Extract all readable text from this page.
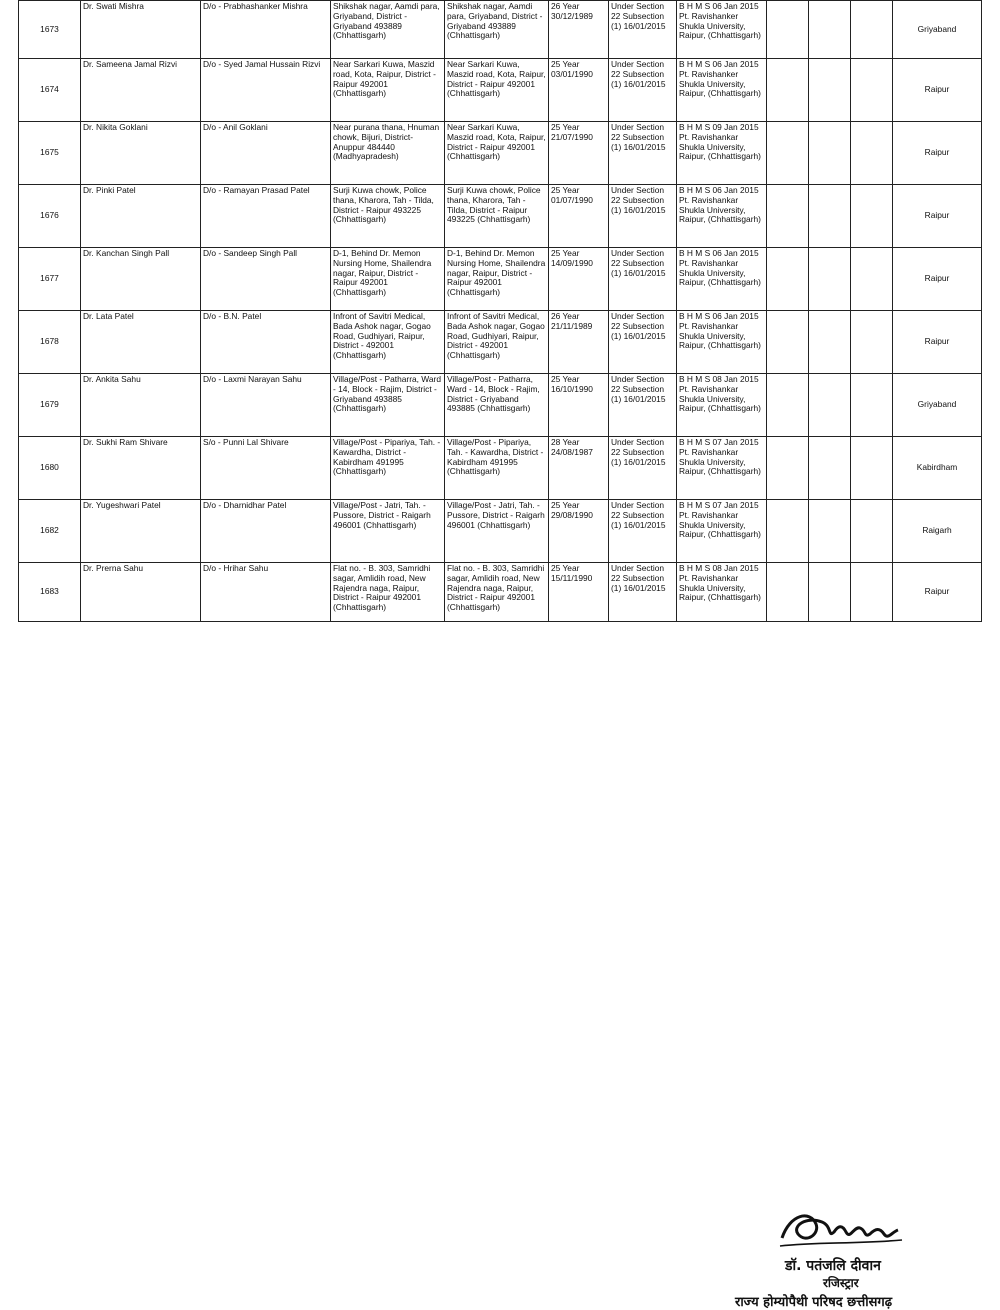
1673	Dr. Swati Mishra	D/o - Prabhashanker Mishra	Shikshak nagar, Aamdi para, Griyaband, District - Griyaband 493889 (Chhattisgarh)	Shikshak nagar, Aamdi para, Griyaband, District - Griyaband 493889 (Chhattisgarh)	26 Year 30/12/1989	Under Section 22 Subsection (1) 16/01/2015	B H M S 06 Jan 2015 Pt. Ravishanker Shukla University, Raipur, (Chhattisgarh)				Griyaband
1674	Dr. Sameena Jamal Rizvi	D/o - Syed Jamal Hussain Rizvi	Near Sarkari Kuwa, Maszid road, Kota, Raipur, District - Raipur 492001 (Chhattisgarh)	Near Sarkari Kuwa, Maszid road, Kota, Raipur, District - Raipur 492001 (Chhattisgarh)	25 Year 03/01/1990	Under Section 22 Subsection (1) 16/01/2015	B H M S 06 Jan 2015 Pt. Ravishanker Shukla University, Raipur, (Chhattisgarh)				Raipur
1675	Dr. Nikita Goklani	D/o - Anil Goklani	Near purana thana, Hnuman chowk, Bijuri, District- Anuppur 484440 (Madhyapradesh)	Near Sarkari Kuwa, Maszid road, Kota, Raipur, District - Raipur 492001 (Chhattisgarh)	25 Year 21/07/1990	Under Section 22 Subsection (1) 16/01/2015	B H M S 09 Jan 2015 Pt. Ravishankar Shukla University, Raipur, (Chhattisgarh)				Raipur
1676	Dr. Pinki Patel	D/o - Ramayan Prasad Patel	Surji Kuwa chowk, Police thana, Kharora, Tah - Tilda, District - Raipur 493225 (Chhattisgarh)	Surji Kuwa chowk, Police thana, Kharora, Tah - Tilda, District - Raipur 493225 (Chhattisgarh)	25 Year 01/07/1990	Under Section 22 Subsection (1) 16/01/2015	B H M S 06 Jan 2015 Pt. Ravishankar Shukla University, Raipur, (Chhattisgarh)				Raipur
1677	Dr. Kanchan Singh Pall	D/o - Sandeep Singh Pall	D-1, Behind Dr. Memon Nursing Home, Shailendra nagar, Raipur, District - Raipur 492001 (Chhattisgarh)	D-1, Behind Dr. Memon Nursing Home, Shailendra nagar, Raipur, District - Raipur 492001 (Chhattisgarh)	25 Year 14/09/1990	Under Section 22 Subsection (1) 16/01/2015	B H M S 06 Jan 2015 Pt. Ravishankar Shukla University, Raipur, (Chhattisgarh)				Raipur
1678	Dr. Lata Patel	D/o - B.N. Patel	Infront of Savitri Medical, Bada Ashok nagar, Gogao Road, Gudhiyari, Raipur, District - 492001 (Chhattisgarh)	Infront of Savitri Medical, Bada Ashok nagar, Gogao Road, Gudhiyari, Raipur, District - 492001 (Chhattisgarh)	26 Year 21/11/1989	Under Section 22 Subsection (1) 16/01/2015	B H M S 06 Jan 2015 Pt. Ravishankar Shukla University, Raipur, (Chhattisgarh)				Raipur
1679	Dr. Ankita Sahu	D/o - Laxmi Narayan Sahu	Village/Post - Patharra, Ward - 14, Block - Rajim, District - Griyaband 493885 (Chhattisgarh)	Village/Post - Patharra, Ward - 14, Block - Rajim, District - Griyaband 493885 (Chhattisgarh)	25 Year 16/10/1990	Under Section 22 Subsection (1) 16/01/2015	B H M S 08 Jan 2015 Pt. Ravishankar Shukla University, Raipur, (Chhattisgarh)				Griyaband
1680	Dr. Sukhi Ram Shivare	S/o - Punni Lal Shivare	Village/Post - Pipariya, Tah. - Kawardha, District - Kabirdham 491995 (Chhattisgarh)	Village/Post - Pipariya, Tah. - Kawardha, District - Kabirdham 491995 (Chhattisgarh)	28 Year 24/08/1987	Under Section 22 Subsection (1) 16/01/2015	B H M S 07 Jan 2015 Pt. Ravishankar Shukla University, Raipur, (Chhattisgarh)				Kabirdham
1682	Dr. Yugeshwari Patel	D/o - Dharnidhar Patel	Village/Post - Jatri, Tah. - Pussore, District - Raigarh 496001 (Chhattisgarh)	Village/Post - Jatri, Tah. - Pussore, District - Raigarh 496001 (Chhattisgarh)	25 Year 29/08/1990	Under Section 22 Subsection (1) 16/01/2015	B H M S 07 Jan 2015 Pt. Ravishankar Shukla University, Raipur, (Chhattisgarh)				Raigarh
1683	Dr. Prerna Sahu	D/o - Hrihar Sahu	Flat no. - B. 303, Samridhi sagar, Amlidih road, New Rajendra naga, Raipur, District - Raipur 492001 (Chhattisgarh)	Flat no. - B. 303, Samridhi sagar, Amlidih road, New Rajendra naga, Raipur, District - Raipur 492001 (Chhattisgarh)	25 Year 15/11/1990	Under Section 22 Subsection (1) 16/01/2015	B H M S 08 Jan 2015 Pt. Ravishankar Shukla University, Raipur, (Chhattisgarh)				Raipur
डॉ. पतंजलि दीवान
रजिस्ट्रार
राज्य होम्योपैथी परिषद छत्तीसगढ़
